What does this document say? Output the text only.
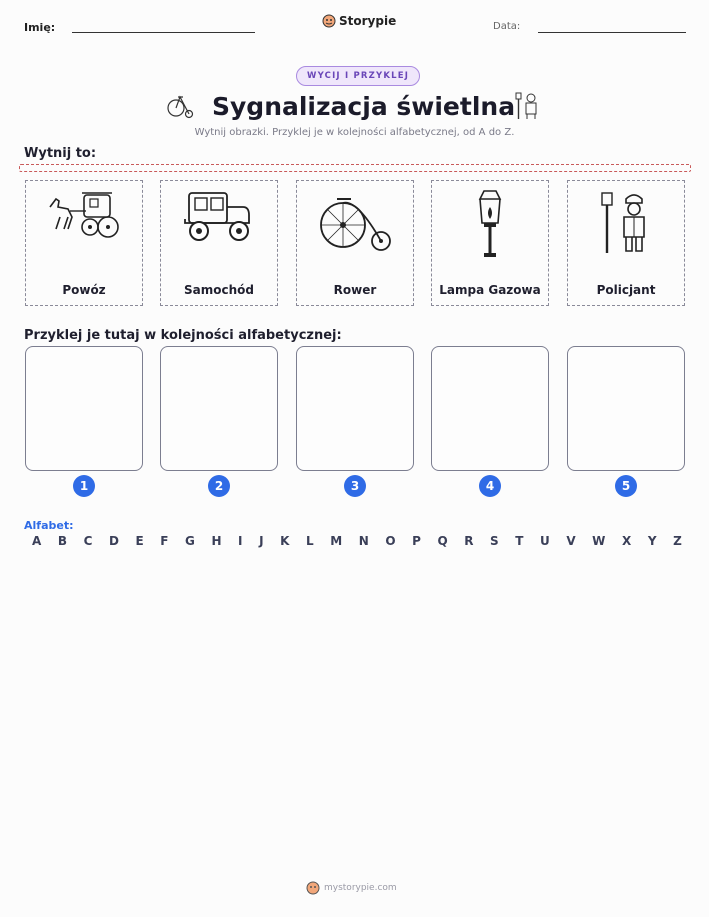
Imię:	Storypie	Data:
WYCIJ I PRZYKLEJ
Sygnalizacja świetlna
Wytnij obrazki. Przyklej je w kolejności alfabetycznej, od A do Z.
Wytnij to:
Powóz	Samochód	Rower	Lampa Gazowa	Policjant
Przyklej je tutaj w kolejności alfabetycznej:
1	2	3	4	5
Alfabet:
A B C D E F G H I J K L M N O P Q R S T U V W X Y Z
mystorypie.com
